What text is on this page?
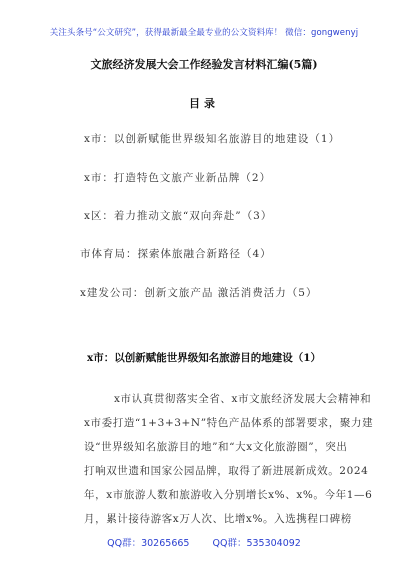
关注头条号“公文研究”，获得最新最全最专业的公文资料库！ 微信：gongwenyj
文旅经济发展大会工作经验发言材料汇编(5篇)
目录
x市：以创新赋能世界级知名旅游目的地建设（1）
x市：打造特色文旅产业新品牌（2）
x区：着力推动文旅“双向奔赴”（3）
市体育局：探索体旅融合新路径（4）
x建发公司：创新文旅产品 激活消费活力（5）
x市：以创新赋能世界级知名旅游目的地建设（1）
x市认真贯彻落实全省、x市文旅经济发展大会精神和
x市委打造“1+3+3+N”特色产品体系的部署要求，聚力建
设“世界级知名旅游目的地”和“大x文化旅游圈”，突出
打响双世遗和国家公园品牌，取得了新进展新成效。2024
年，x市旅游人数和旅游收入分别增长x%、x%。今年1—6
月，累计接待游客x万人次、比增x%。入选携程口碑榜
QQ群：30265665 QQ群：535304092
